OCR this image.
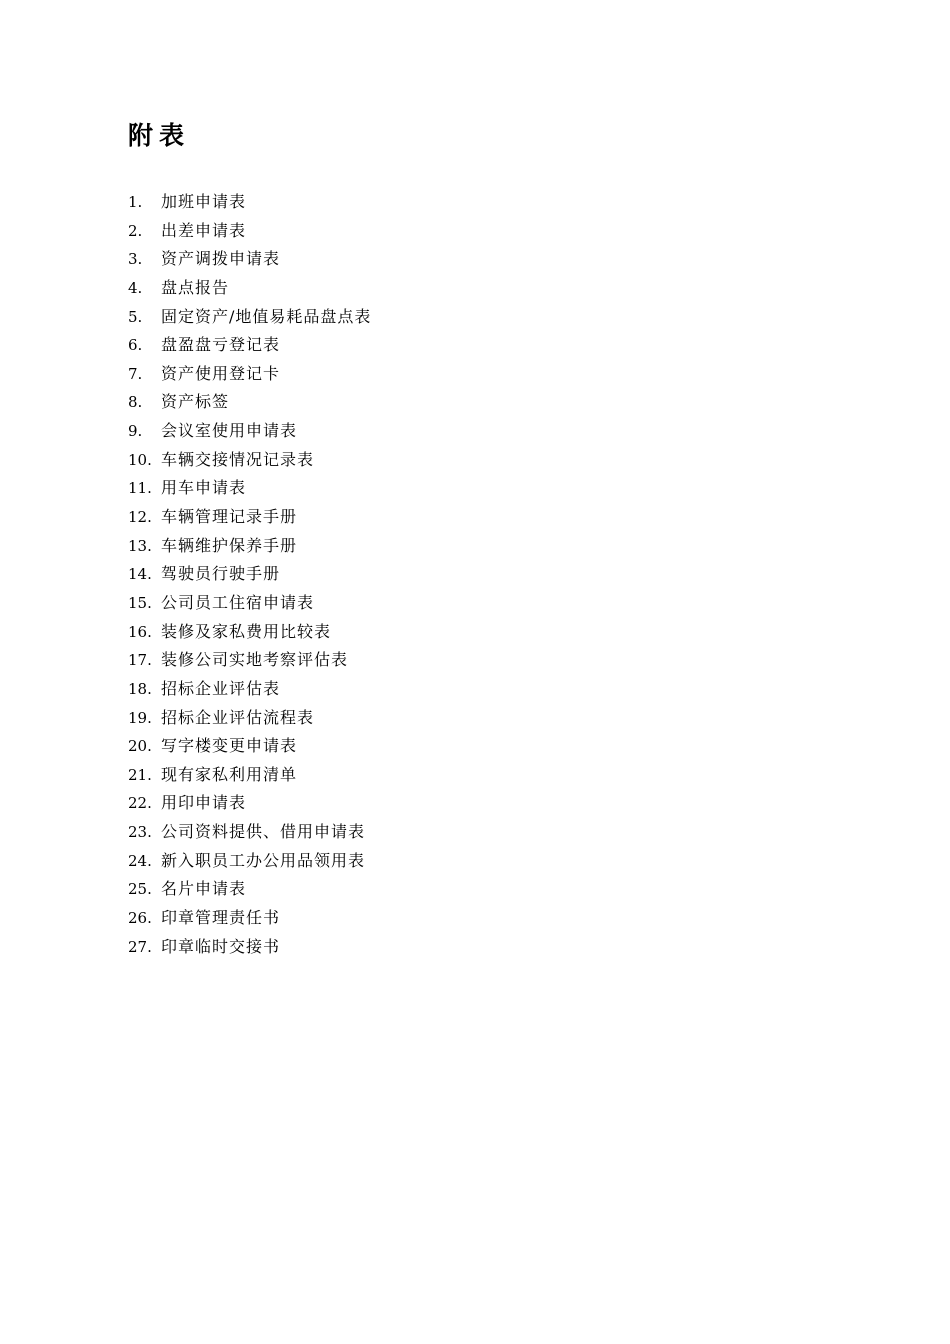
附表
1.	加班申请表
2.	出差申请表
3.	资产调拨申请表
4.	盘点报告
5.	固定资产/地值易耗品盘点表
6.	盘盈盘亏登记表
7.	资产使用登记卡
8.	资产标签
9.	会议室使用申请表
10. 车辆交接情况记录表
11. 用车申请表
12. 车辆管理记录手册
13. 车辆维护保养手册
14. 驾驶员行驶手册
15. 公司员工住宿申请表
16. 装修及家私费用比较表
17. 装修公司实地考察评估表
18. 招标企业评估表
19. 招标企业评估流程表
20. 写字楼变更申请表
21. 现有家私利用清单
22. 用印申请表
23. 公司资料提供、借用申请表
24. 新入职员工办公用品领用表
25. 名片申请表
26. 印章管理责任书
27. 印章临时交接书
